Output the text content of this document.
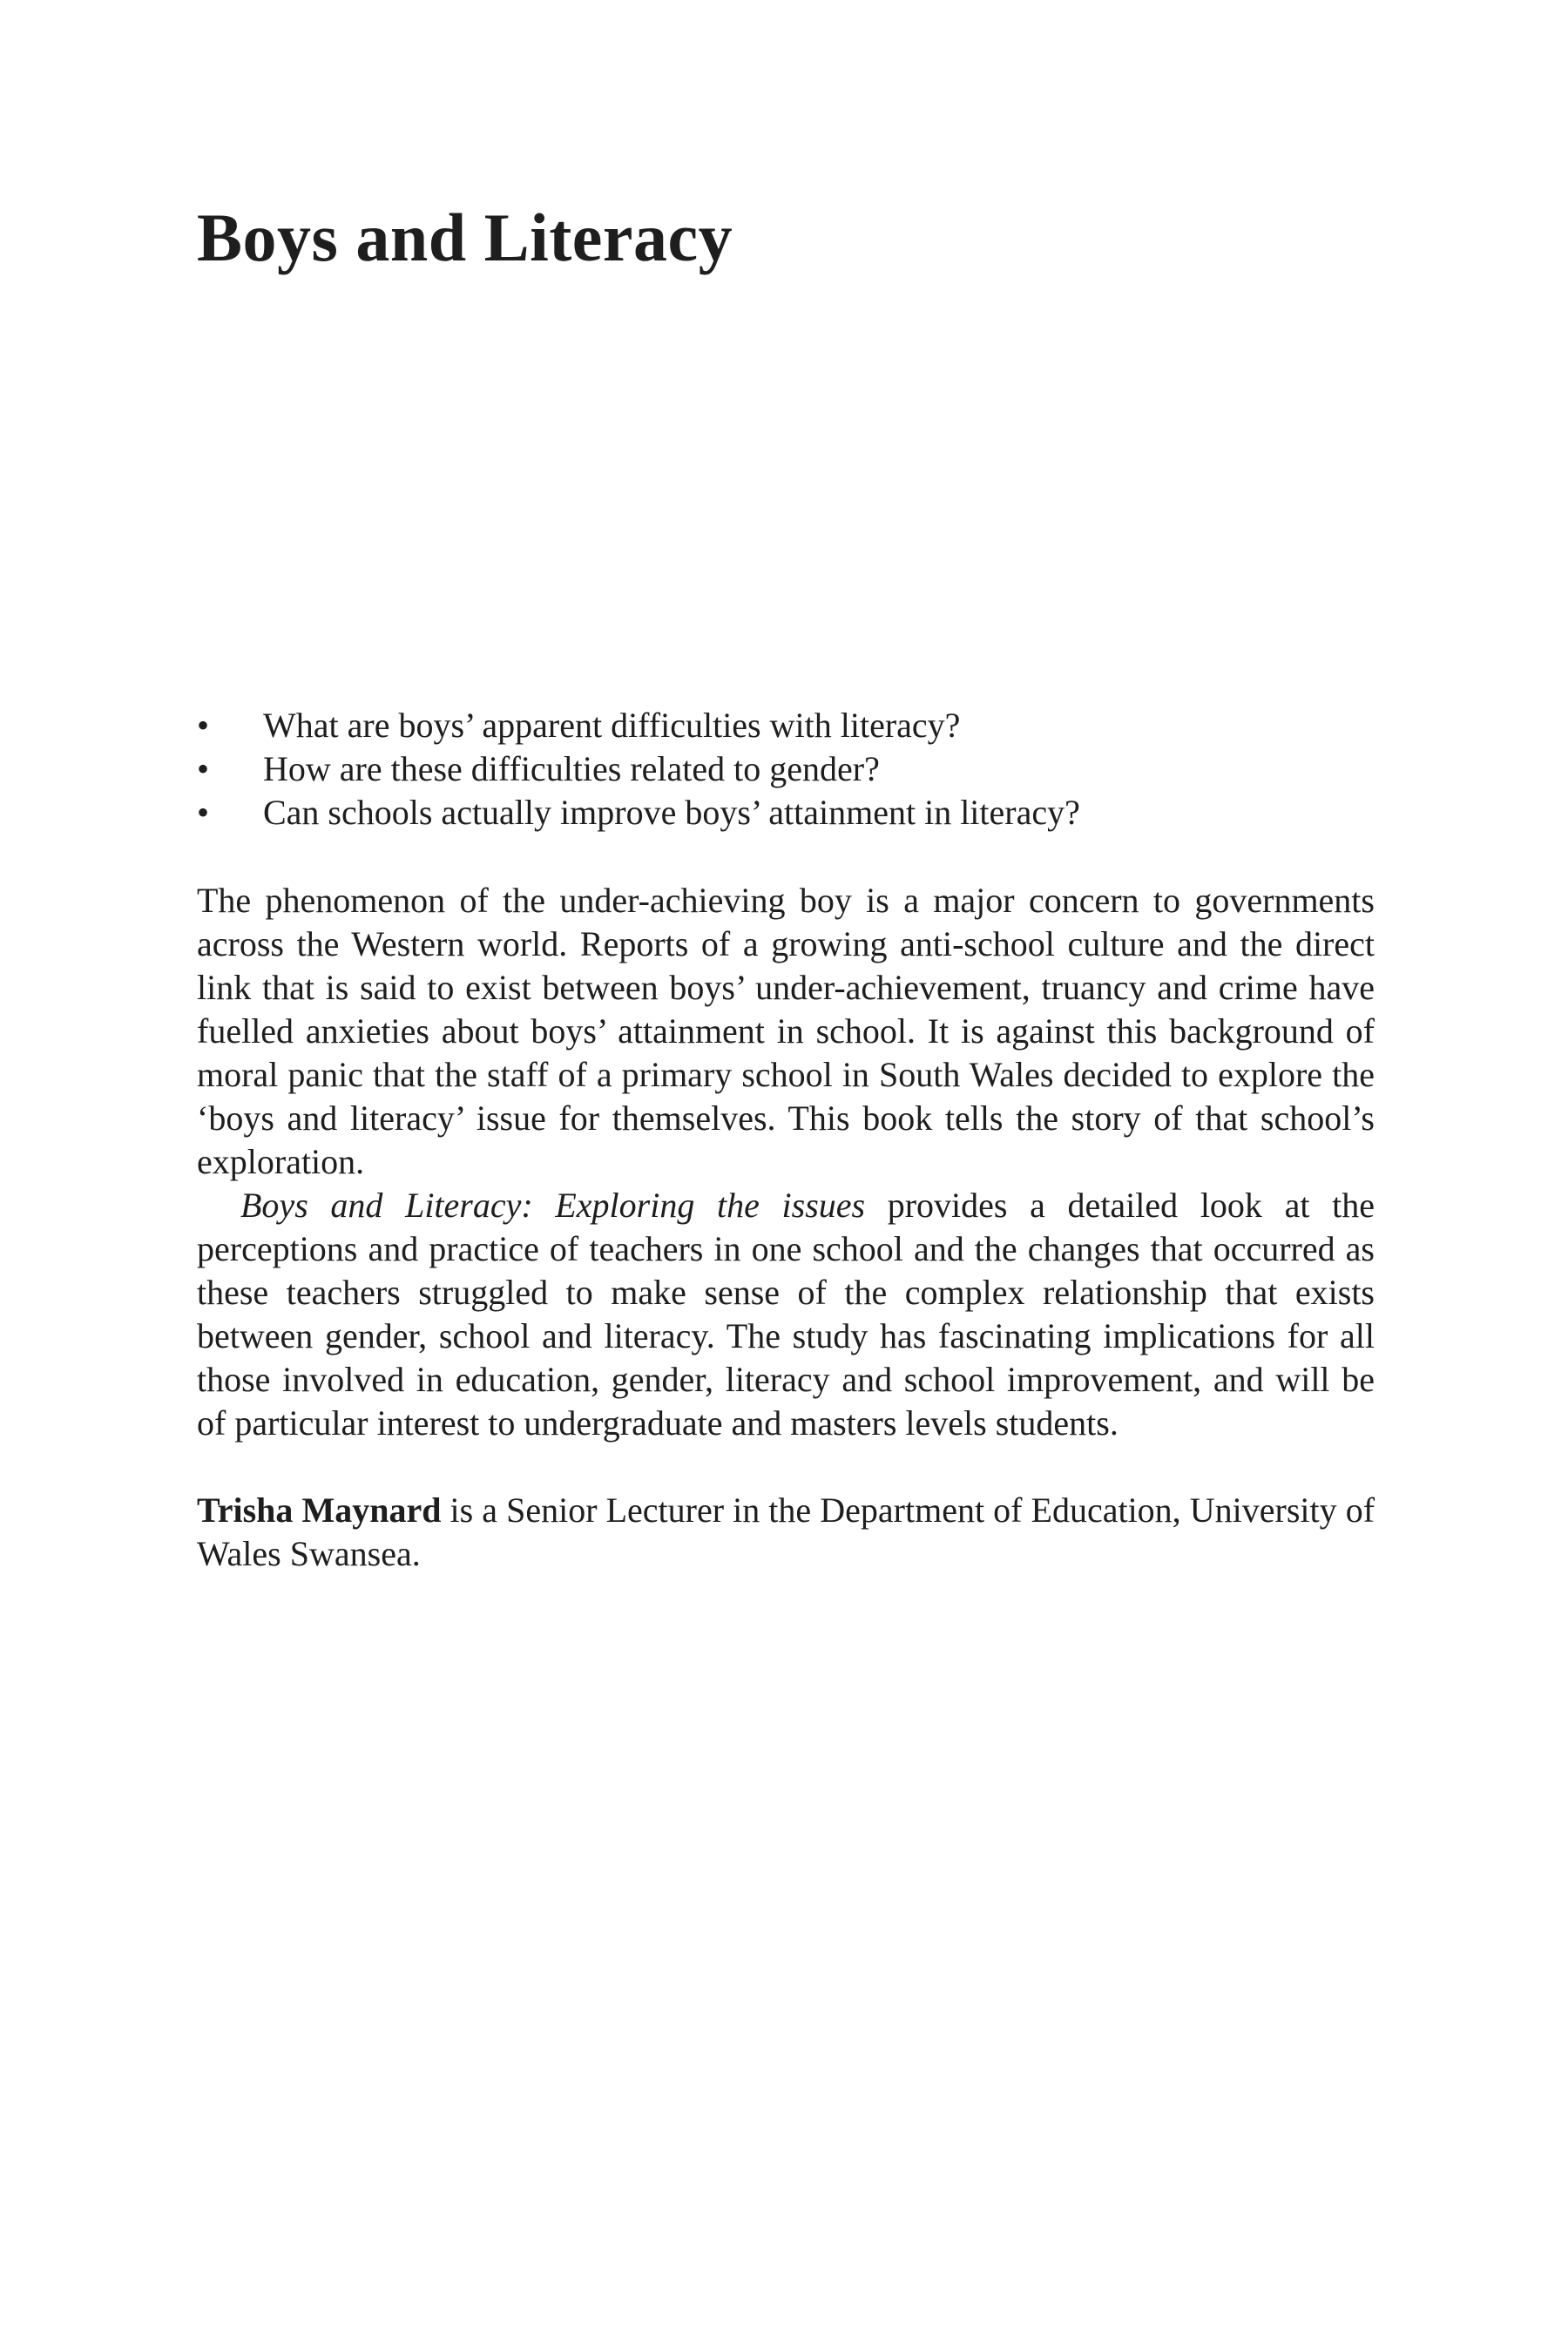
Boys and Literacy
• What are boys’ apparent difficulties with literacy?
• How are these difficulties related to gender?
• Can schools actually improve boys’ attainment in literacy?

The phenomenon of the under-achieving boy is a major concern to governments across the Western world. Reports of a growing anti-school culture and the direct link that is said to exist between boys’ under-achievement, truancy and crime have fuelled anxieties about boys’ attainment in school. It is against this background of moral panic that the staff of a primary school in South Wales decided to explore the ‘boys and literacy’ issue for themselves. This book tells the story of that school’s exploration.

Boys and Literacy: Exploring the issues provides a detailed look at the perceptions and practice of teachers in one school and the changes that occurred as these teachers struggled to make sense of the complex relationship that exists between gender, school and literacy. The study has fascinating implications for all those involved in education, gender, literacy and school improvement, and will be of particular interest to undergraduate and masters levels students.

Trisha Maynard is a Senior Lecturer in the Department of Education, University of Wales Swansea.
